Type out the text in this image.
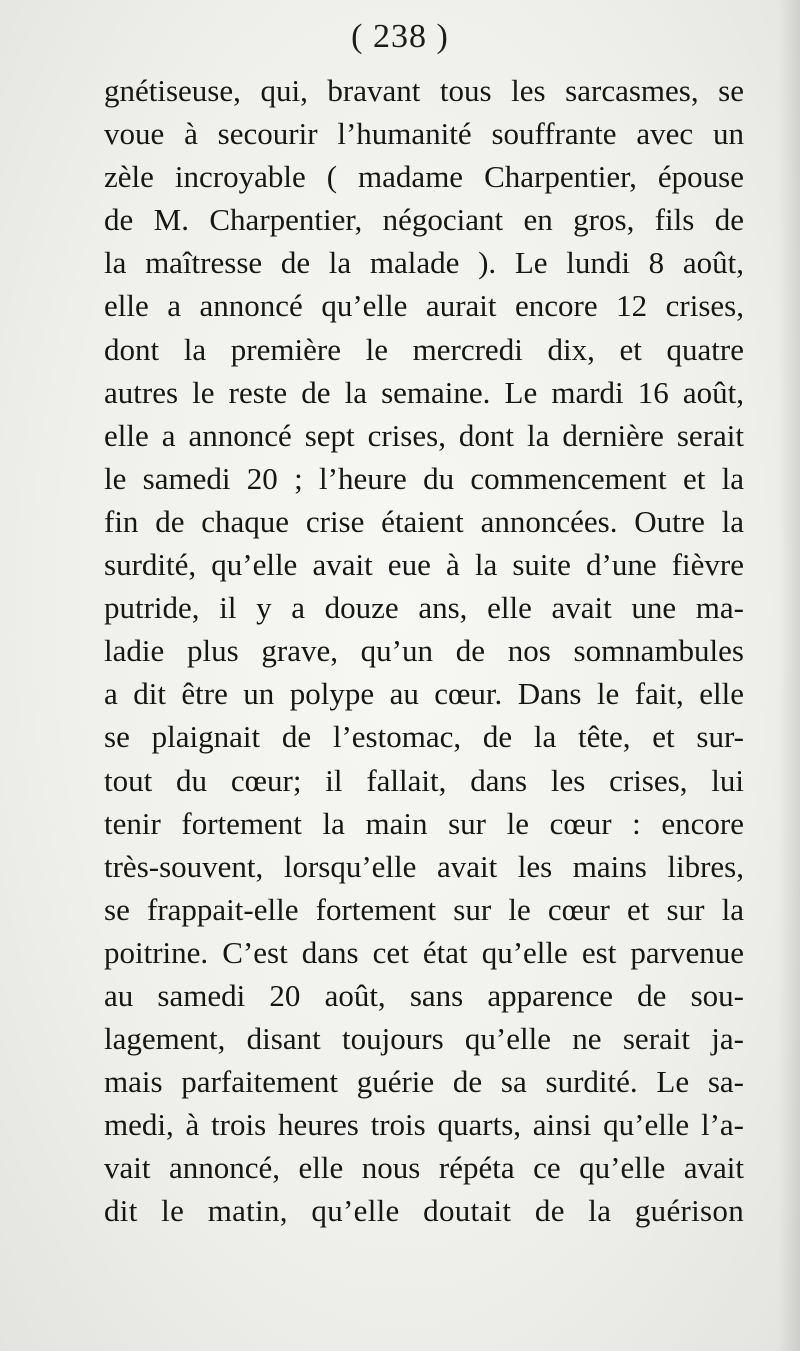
( 238 )
gnétiseuse, qui, bravant tous les sarcasmes, se
voue à secourir l’humanité souffrante avec un
zèle incroyable ( madame Charpentier, épouse
de M. Charpentier, négociant en gros, fils de
la maîtresse de la malade ). Le lundi 8 août,
elle a annoncé qu’elle aurait encore 12 crises,
dont la première le mercredi dix, et quatre
autres le reste de la semaine. Le mardi 16 août,
elle a annoncé sept crises, dont la dernière serait
le samedi 20 ; l’heure du commencement et la
fin de chaque crise étaient annoncées. Outre la
surdité, qu’elle avait eue à la suite d’une fièvre
putride, il y a douze ans, elle avait une ma-
ladie plus grave, qu’un de nos somnambules
a dit être un polype au cœur. Dans le fait, elle
se plaignait de l’estomac, de la tête, et sur-
tout du cœur; il fallait, dans les crises, lui
tenir fortement la main sur le cœur : encore
très-souvent, lorsqu’elle avait les mains libres,
se frappait-elle fortement sur le cœur et sur la
poitrine. C’est dans cet état qu’elle est parvenue
au samedi 20 août, sans apparence de sou-
lagement, disant toujours qu’elle ne serait ja-
mais parfaitement guérie de sa surdité. Le sa-
medi, à trois heures trois quarts, ainsi qu’elle l’a-
vait annoncé, elle nous répéta ce qu’elle avait
dit le matin, qu’elle doutait de la guérison
